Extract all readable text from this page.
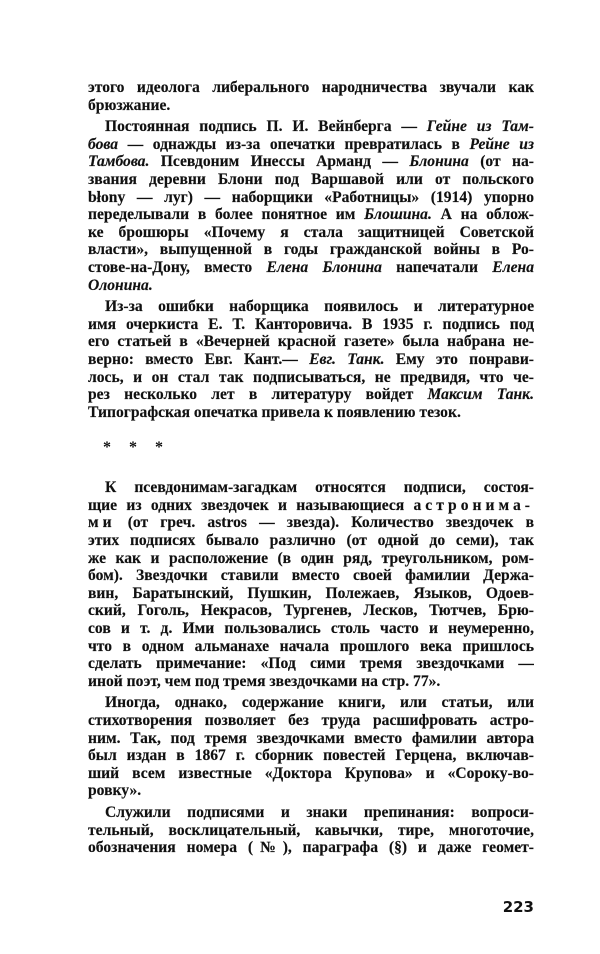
этого идеолога либерального народничества звучали как
брюзжание.
Постоянная подпись П. И. Вейнберга — Гейне из Там-
бова — однажды из-за опечатки превратилась в Рейне из
Тамбова. Псевдоним Инессы Арманд — Блонина (от на-
звания деревни Блони под Варшавой или от польского
błony — луг) — наборщики «Работницы» (1914) упорно
переделывали в более понятное им Блошина. А на облож-
ке брошюры «Почему я стала защитницей Советской
власти», выпущенной в годы гражданской войны в Ро-
стове-на-Дону, вместо Елена Блонина напечатали Елена
Олонина.
Из-за ошибки наборщика появилось и литературное
имя очеркиста Е. Т. Канторовича. В 1935 г. подпись под
его статьей в «Вечерней красной газете» была набрана не-
верно: вместо Евг. Кант.— Евг. Танк. Ему это понрави-
лось, и он стал так подписываться, не предвидя, что че-
рез несколько лет в литературу войдет Максим Танк.
Типографская опечатка привела к появлению тезок.
* * *
К псевдонимам-загадкам относятся подписи, состоя-
щие из одних звездочек и называющиеся астронима-
ми (от греч. astros — звезда). Количество звездочек в
этих подписях бывало различно (от одной до семи), так
же как и расположение (в один ряд, треугольником, ром-
бом). Звездочки ставили вместо своей фамилии Держа-
вин, Баратынский, Пушкин, Полежаев, Языков, Одоев-
ский, Гоголь, Некрасов, Тургенев, Лесков, Тютчев, Брю-
сов и т. д. Ими пользовались столь часто и неумеренно,
что в одном альманахе начала прошлого века пришлось
сделать примечание: «Под сими тремя звездочками —
иной поэт, чем под тремя звездочками на стр. 77».
Иногда, однако, содержание книги, или статьи, или
стихотворения позволяет без труда расшифровать астро-
ним. Так, под тремя звездочками вместо фамилии автора
был издан в 1867 г. сборник повестей Герцена, включав-
ший всем известные «Доктора Крупова» и «Сороку-во-
ровку».
Служили подписями и знаки препинания: вопроси-
тельный, восклицательный, кавычки, тире, многоточие,
обозначения номера (№), параграфа (§) и даже геомет-
223
